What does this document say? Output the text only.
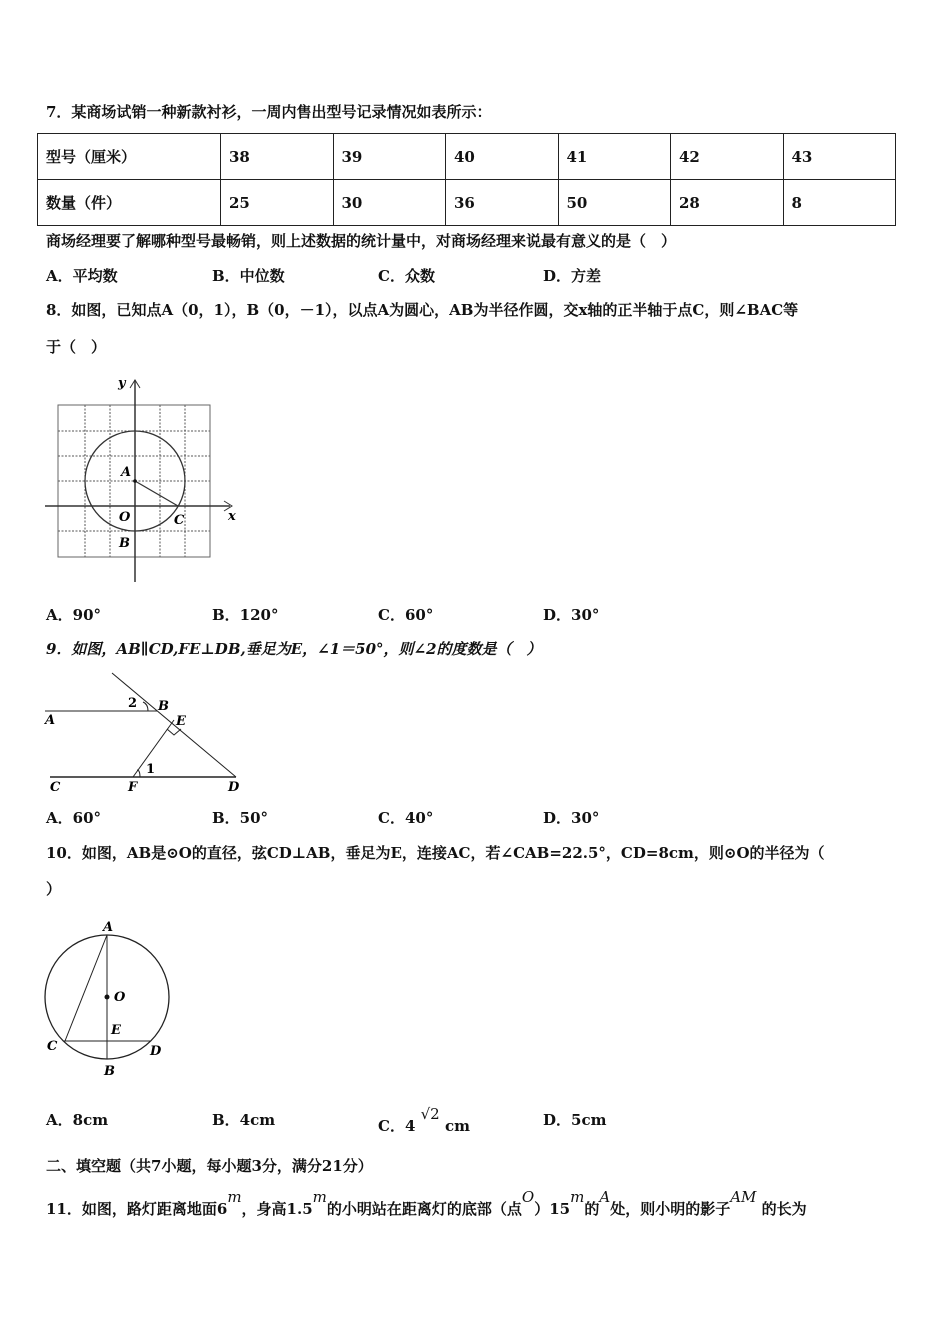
7．某商场试销一种新款衬衫，一周内售出型号记录情况如表所示：
型号（厘米）	38	39	40	41	42	43
数量（件）	25	30	36	50	28	8
商场经理要了解哪种型号最畅销，则上述数据的统计量中，对商场经理来说最有意义的是（　）
A．平均数	B．中位数	C．众数	D．方差
8．如图，已知点A（0，1），B（0，－1），以点A为圆心，AB为半径作圆，交x轴的正半轴于点C，则∠BAC等
于（　）
y
x
A
O	C
B
A．90°	B．120°	C．60°	D．30°
9．如图，AB∥CD,FE⊥DB,垂足为E，∠1＝50°，则∠2的度数是（　）
A
B
E
C	F	D
1
2
A．60°	B．50°	C．40°	D．30°
10．如图，AB是⊙O的直径，弦CD⊥AB，垂足为E，连接AC，若∠CAB=22.5°，CD=8cm，则⊙O的半径为（
）
A
O
E
C	D
B
A．8cm	B．4cm	C．4 $^{√2}$ cm	D．5cm
二、填空题（共7小题，每小题3分，满分21分）
11．如图，路灯距离地面6$^m$，身高1.5$^m$的小明站在距离灯的底部（点$^O$）15$^m$的$^A$处，则小明的影子$^{AM}$ 的长为
